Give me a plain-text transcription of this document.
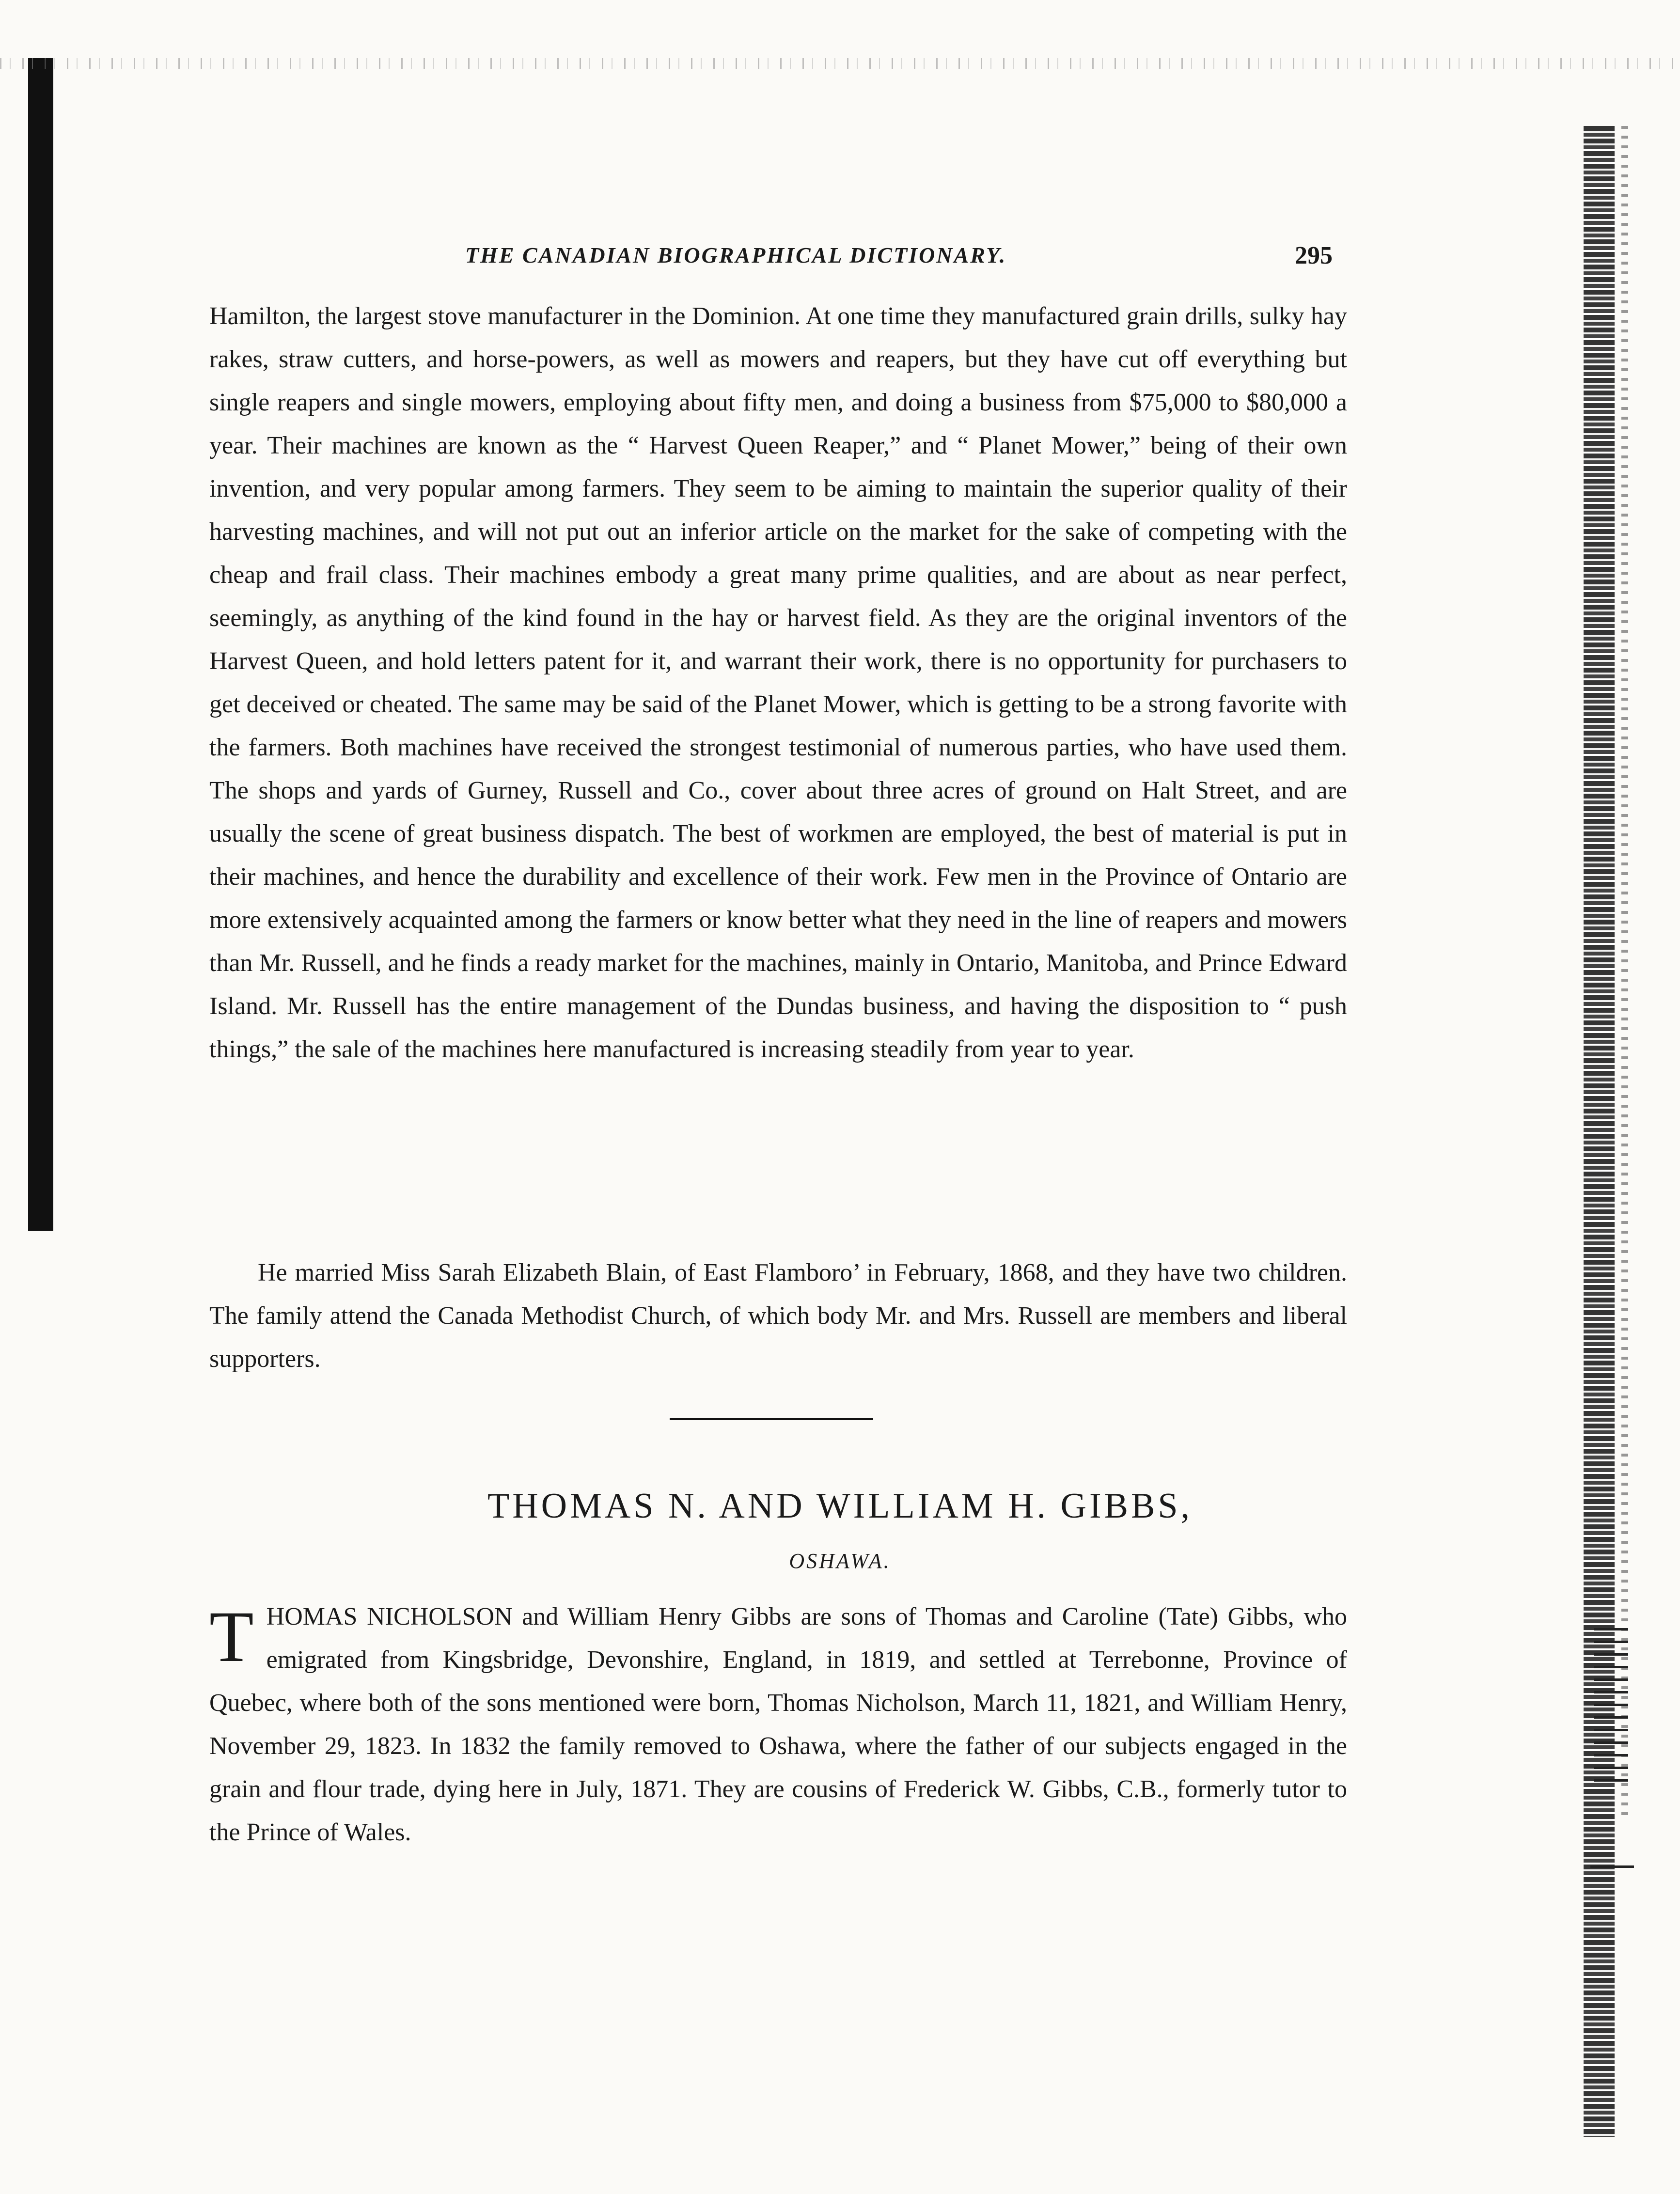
THE CANADIAN BIOGRAPHICAL DICTIONARY.	295

Hamilton, the largest stove manufacturer in the Dominion. At one time they manufactured grain drills, sulky hay rakes, straw cutters, and horse-powers, as well as mowers and reapers, but they have cut off everything but single reapers and single mowers, employing about fifty men, and doing a business from $75,000 to $80,000 a year. Their machines are known as the “ Harvest Queen Reaper,” and “ Planet Mower,” being of their own invention, and very popular among farmers. They seem to be aiming to maintain the superior quality of their harvesting machines, and will not put out an inferior article on the market for the sake of competing with the cheap and frail class. Their machines embody a great many prime qualities, and are about as near perfect, seemingly, as anything of the kind found in the hay or harvest field. As they are the original inventors of the Harvest Queen, and hold letters patent for it, and warrant their work, there is no opportunity for purchasers to get deceived or cheated. The same may be said of the Planet Mower, which is getting to be a strong favorite with the farmers. Both machines have received the strongest testimonial of numerous parties, who have used them. The shops and yards of Gurney, Russell and Co., cover about three acres of ground on Halt Street, and are usually the scene of great business dispatch. The best of workmen are employed, the best of material is put in their machines, and hence the durability and excellence of their work. Few men in the Province of Ontario are more extensively acquainted among the farmers or know better what they need in the line of reapers and mowers than Mr. Russell, and he finds a ready market for the machines, mainly in Ontario, Manitoba, and Prince Edward Island. Mr. Russell has the entire management of the Dundas business, and having the disposition to “ push things,” the sale of the machines here manufactured is increasing steadily from year to year.

He married Miss Sarah Elizabeth Blain, of East Flamboro’ in February, 1868, and they have two children. The family attend the Canada Methodist Church, of which body Mr. and Mrs. Russell are members and liberal supporters.

THOMAS N. AND WILLIAM H. GIBBS,
OSHAWA.

THOMAS NICHOLSON and William Henry Gibbs are sons of Thomas and Caroline (Tate) Gibbs, who emigrated from Kingsbridge, Devonshire, England, in 1819, and settled at Terrebonne, Province of Quebec, where both of the sons mentioned were born, Thomas Nicholson, March 11, 1821, and William Henry, November 29, 1823. In 1832 the family removed to Oshawa, where the father of our subjects engaged in the grain and flour trade, dying here in July, 1871. They are cousins of Frederick W. Gibbs, C.B., formerly tutor to the Prince of Wales.
